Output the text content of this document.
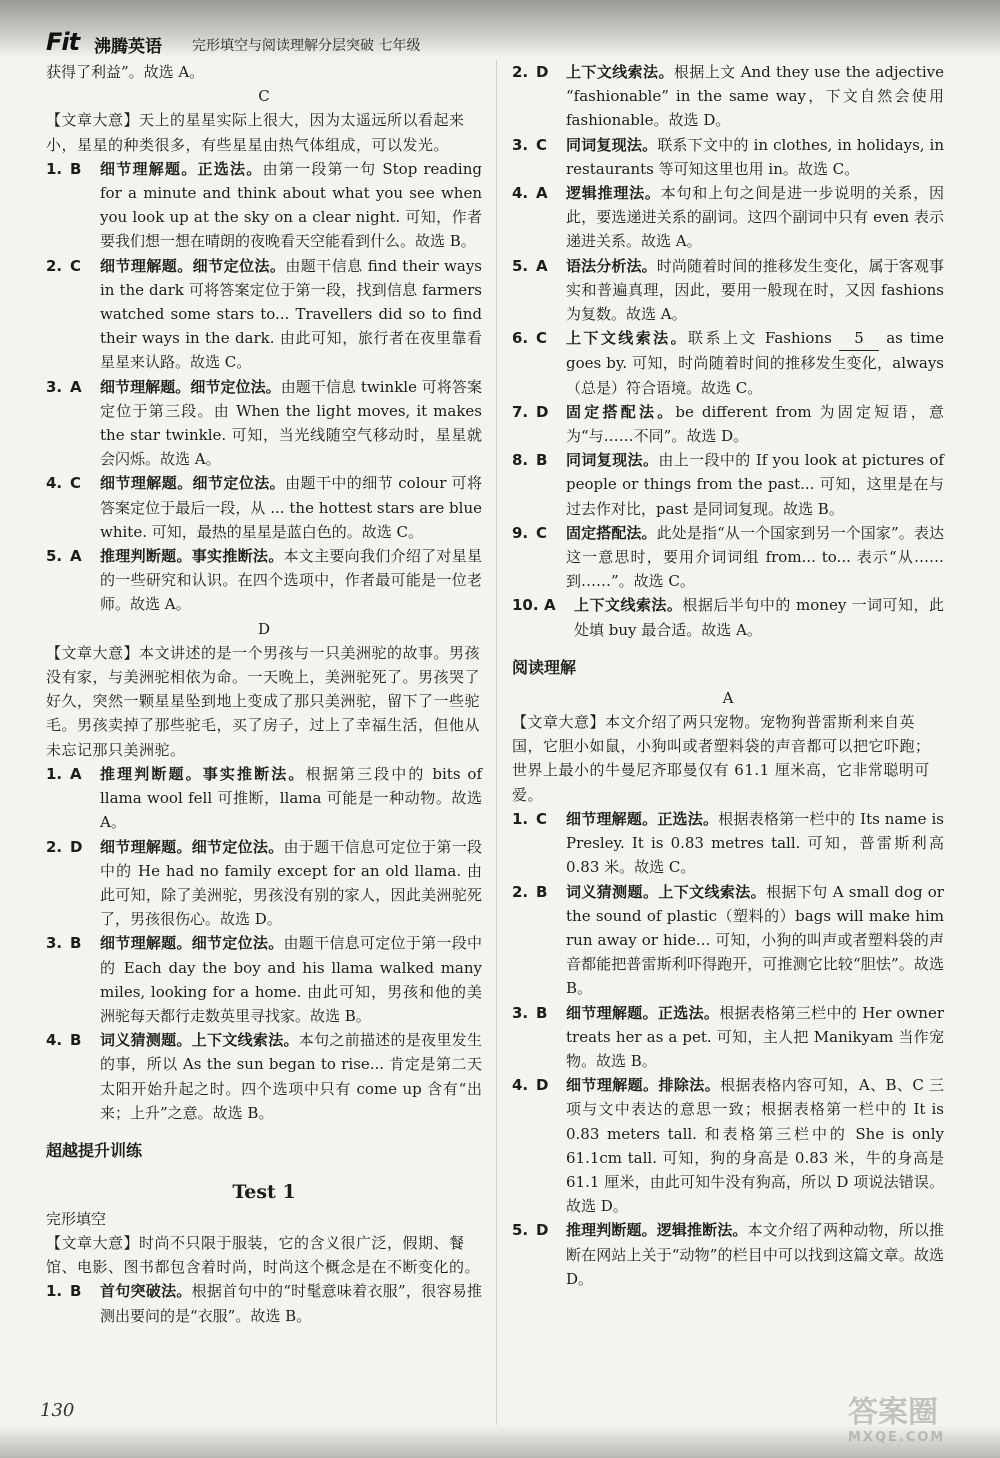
Fit 沸腾英语 完形填空与阅读理解分层突破 七年级

获得了利益”。故选 A。

C

【文章大意】天上的星星实际上很大，因为太遥远所以看起来小，星星的种类很多，有些星星由热气体组成，可以发光。

1. B	细节理解题。正选法。由第一段第一句 Stop reading for a minute and think about what you see when you look up at the sky on a clear night. 可知，作者要我们想一想在晴朗的夜晚看天空能看到什么。故选 B。
2. C	细节理解题。细节定位法。由题干信息 find their ways in the dark 可将答案定位于第一段，找到信息 farmers watched some stars to... Travellers did so to find their ways in the dark. 由此可知，旅行者在夜里靠看星星来认路。故选 C。
3. A	细节理解题。细节定位法。由题干信息 twinkle 可将答案定位于第三段。由 When the light moves, it makes the star twinkle. 可知，当光线随空气移动时，星星就会闪烁。故选 A。
4. C	细节理解题。细节定位法。由题干中的细节 colour 可将答案定位于最后一段，从 ... the hottest stars are blue white. 可知，最热的星星是蓝白色的。故选 C。
5. A	推理判断题。事实推断法。本文主要向我们介绍了对星星的一些研究和认识。在四个选项中，作者最可能是一位老师。故选 A。

D

【文章大意】本文讲述的是一个男孩与一只美洲驼的故事。男孩没有家，与美洲驼相依为命。一天晚上，美洲驼死了。男孩哭了好久，突然一颗星星坠到地上变成了那只美洲驼，留下了一些驼毛。男孩卖掉了那些驼毛，买了房子，过上了幸福生活，但他从未忘记那只美洲驼。

1. A	推理判断题。事实推断法。根据第三段中的 bits of llama wool fell 可推断，llama 可能是一种动物。故选 A。
2. D	细节理解题。细节定位法。由于题干信息可定位于第一段中的 He had no family except for an old llama. 由此可知，除了美洲驼，男孩没有别的家人，因此美洲驼死了，男孩很伤心。故选 D。
3. B	细节理解题。细节定位法。由题干信息可定位于第一段中的 Each day the boy and his llama walked many miles, looking for a home. 由此可知，男孩和他的美洲驼每天都行走数英里寻找家。故选 B。
4. B	词义猜测题。上下文线索法。本句之前描述的是夜里发生的事，所以 As the sun began to rise... 肯定是第二天太阳开始升起之时。四个选项中只有 come up 含有“出来；上升”之意。故选 B。

超越提升训练

Test 1

完形填空

【文章大意】时尚不只限于服装，它的含义很广泛，假期、餐馆、电影、图书都包含着时尚，时尚这个概念是在不断变化的。

1. B	首句突破法。根据首句中的“时髦意味着衣服”，很容易推测出要问的是“衣服”。故选 B。
2. D	上下文线索法。根据上文 And they use the adjective “fashionable” in the same way，下文自然会使用 fashionable。故选 D。
3. C	同词复现法。联系下文中的 in clothes, in holidays, in restaurants 等可知这里也用 in。故选 C。
4. A	逻辑推理法。本句和上句之间是进一步说明的关系，因此，要选递进关系的副词。这四个副词中只有 even 表示递进关系。故选 A。
5. A	语法分析法。时尚随着时间的推移发生变化，属于客观事实和普遍真理，因此，要用一般现在时，又因 fashions 为复数。故选 A。
6. C	上下文线索法。联系上文 Fashions 5 as time goes by. 可知，时尚随着时间的推移发生变化，always（总是）符合语境。故选 C。
7. D	固定搭配法。be different from 为固定短语，意为“与……不同”。故选 D。
8. B	同词复现法。由上一段中的 If you look at pictures of people or things from the past... 可知，这里是在与过去作对比，past 是同词复现。故选 B。
9. C	固定搭配法。此处是指“从一个国家到另一个国家”。表达这一意思时，要用介词词组 from... to... 表示“从……到……”。故选 C。
10. A	上下文线索法。根据后半句中的 money 一词可知，此处填 buy 最合适。故选 A。

阅读理解

A

【文章大意】本文介绍了两只宠物。宠物狗普雷斯利来自英国，它胆小如鼠，小狗叫或者塑料袋的声音都可以把它吓跑；世界上最小的牛曼尼齐耶曼仅有 61.1 厘米高，它非常聪明可爱。

1. C	细节理解题。正选法。根据表格第一栏中的 Its name is Presley. It is 0.83 metres tall. 可知，普雷斯利高 0.83 米。故选 C。
2. B	词义猜测题。上下文线索法。根据下句 A small dog or the sound of plastic（塑料的）bags will make him run away or hide... 可知，小狗的叫声或者塑料袋的声音都能把普雷斯利吓得跑开，可推测它比较“胆怯”。故选 B。
3. B	细节理解题。正选法。根据表格第三栏中的 Her owner treats her as a pet. 可知，主人把 Manikyam 当作宠物。故选 B。
4. D	细节理解题。排除法。根据表格内容可知，A、B、C 三项与文中表达的意思一致；根据表格第一栏中的 It is 0.83 meters tall. 和表格第三栏中的 She is only 61.1cm tall. 可知，狗的身高是 0.83 米，牛的身高是 61.1 厘米，由此可知牛没有狗高，所以 D 项说法错误。故选 D。
5. D	推理判断题。逻辑推断法。本文介绍了两种动物，所以推断在网站上关于“动物”的栏目中可以找到这篇文章。故选 D。
130	答案圈
MXQE.COM
